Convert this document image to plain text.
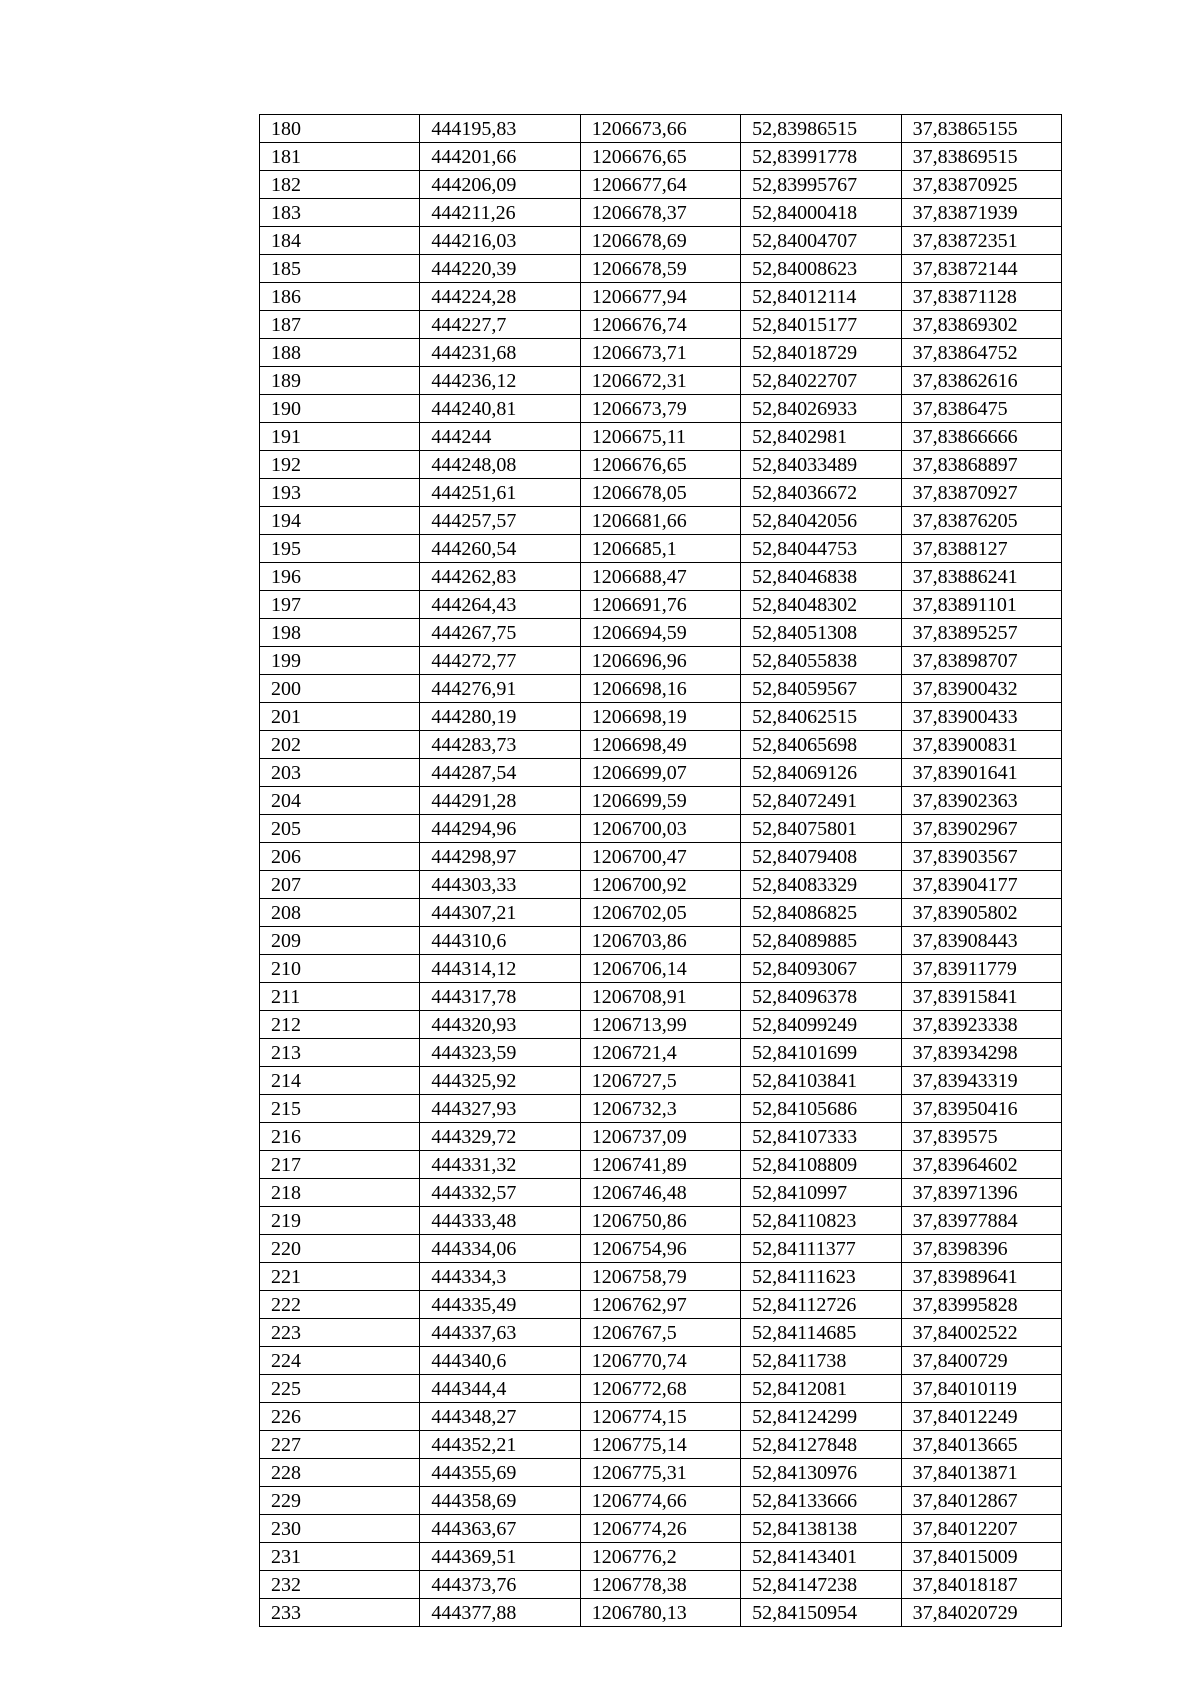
180	444195,83	1206673,66	52,83986515	37,83865155
181	444201,66	1206676,65	52,83991778	37,83869515
182	444206,09	1206677,64	52,83995767	37,83870925
183	444211,26	1206678,37	52,84000418	37,83871939
184	444216,03	1206678,69	52,84004707	37,83872351
185	444220,39	1206678,59	52,84008623	37,83872144
186	444224,28	1206677,94	52,84012114	37,83871128
187	444227,7	1206676,74	52,84015177	37,83869302
188	444231,68	1206673,71	52,84018729	37,83864752
189	444236,12	1206672,31	52,84022707	37,83862616
190	444240,81	1206673,79	52,84026933	37,8386475
191	444244	1206675,11	52,8402981	37,83866666
192	444248,08	1206676,65	52,84033489	37,83868897
193	444251,61	1206678,05	52,84036672	37,83870927
194	444257,57	1206681,66	52,84042056	37,83876205
195	444260,54	1206685,1	52,84044753	37,8388127
196	444262,83	1206688,47	52,84046838	37,83886241
197	444264,43	1206691,76	52,84048302	37,83891101
198	444267,75	1206694,59	52,84051308	37,83895257
199	444272,77	1206696,96	52,84055838	37,83898707
200	444276,91	1206698,16	52,84059567	37,83900432
201	444280,19	1206698,19	52,84062515	37,83900433
202	444283,73	1206698,49	52,84065698	37,83900831
203	444287,54	1206699,07	52,84069126	37,83901641
204	444291,28	1206699,59	52,84072491	37,83902363
205	444294,96	1206700,03	52,84075801	37,83902967
206	444298,97	1206700,47	52,84079408	37,83903567
207	444303,33	1206700,92	52,84083329	37,83904177
208	444307,21	1206702,05	52,84086825	37,83905802
209	444310,6	1206703,86	52,84089885	37,83908443
210	444314,12	1206706,14	52,84093067	37,83911779
211	444317,78	1206708,91	52,84096378	37,83915841
212	444320,93	1206713,99	52,84099249	37,83923338
213	444323,59	1206721,4	52,84101699	37,83934298
214	444325,92	1206727,5	52,84103841	37,83943319
215	444327,93	1206732,3	52,84105686	37,83950416
216	444329,72	1206737,09	52,84107333	37,839575
217	444331,32	1206741,89	52,84108809	37,83964602
218	444332,57	1206746,48	52,8410997	37,83971396
219	444333,48	1206750,86	52,84110823	37,83977884
220	444334,06	1206754,96	52,84111377	37,8398396
221	444334,3	1206758,79	52,84111623	37,83989641
222	444335,49	1206762,97	52,84112726	37,83995828
223	444337,63	1206767,5	52,84114685	37,84002522
224	444340,6	1206770,74	52,8411738	37,8400729
225	444344,4	1206772,68	52,8412081	37,84010119
226	444348,27	1206774,15	52,84124299	37,84012249
227	444352,21	1206775,14	52,84127848	37,84013665
228	444355,69	1206775,31	52,84130976	37,84013871
229	444358,69	1206774,66	52,84133666	37,84012867
230	444363,67	1206774,26	52,84138138	37,84012207
231	444369,51	1206776,2	52,84143401	37,84015009
232	444373,76	1206778,38	52,84147238	37,84018187
233	444377,88	1206780,13	52,84150954	37,84020729
